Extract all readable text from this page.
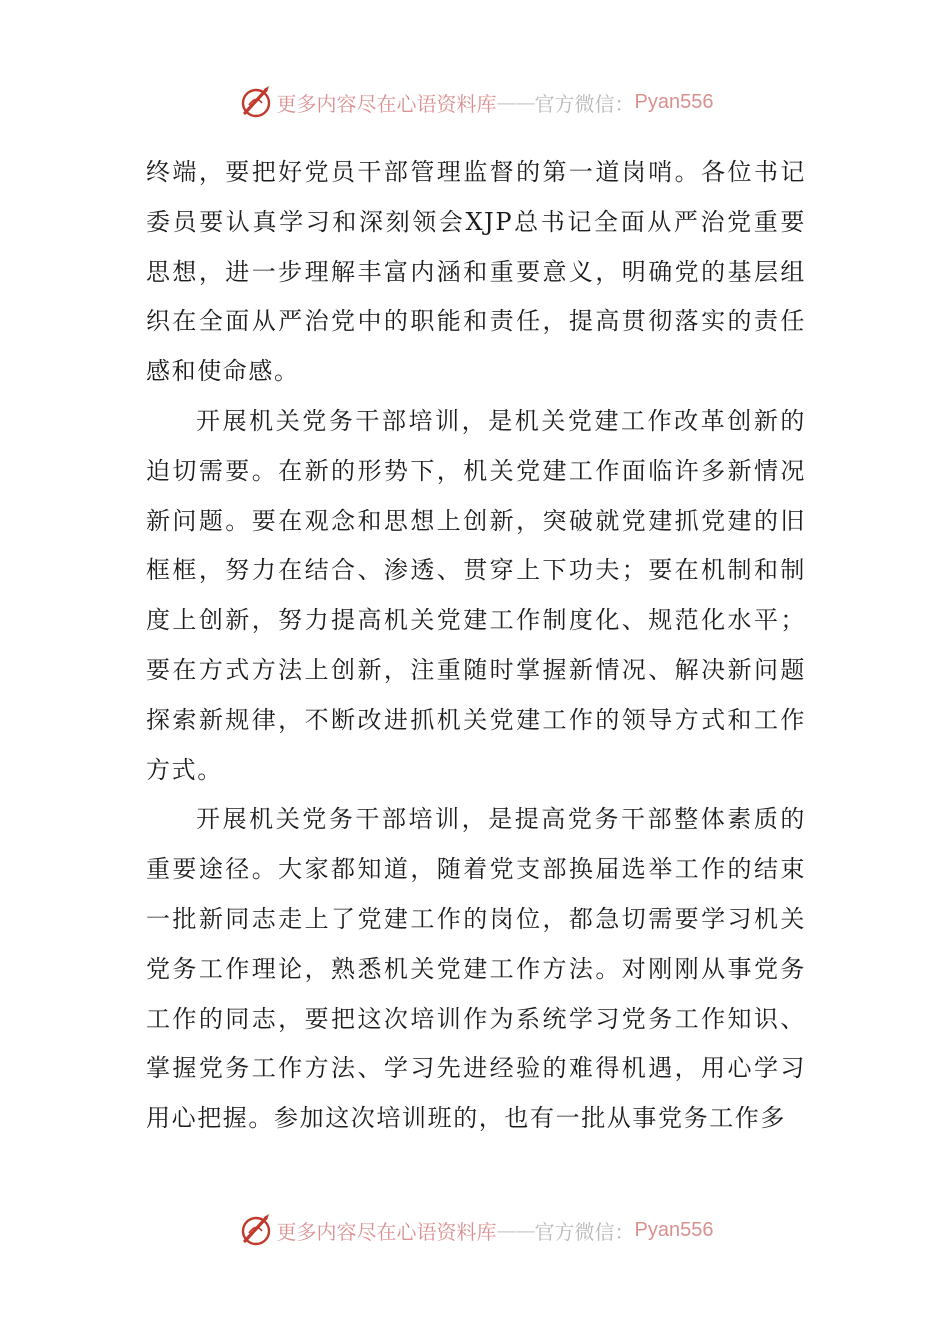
更多内容尽在心语资料库 —— 官方微信： Pyan556

终端，要把好党员干部管理监督的第一道岗哨。各位书记委员要认真学习和深刻领会XJP总书记全面从严治党重要思想，进一步理解丰富内涵和重要意义，明确党的基层组织在全面从严治党中的职能和责任，提高贯彻落实的责任感和使命感。

开展机关党务干部培训，是机关党建工作改革创新的迫切需要。在新的形势下，机关党建工作面临许多新情况新问题。要在观念和思想上创新，突破就党建抓党建的旧框框，努力在结合、渗透、贯穿上下功夫；要在机制和制度上创新，努力提高机关党建工作制度化、规范化水平；要在方式方法上创新，注重随时掌握新情况、解决新问题探索新规律，不断改进抓机关党建工作的领导方式和工作方式。

开展机关党务干部培训，是提高党务干部整体素质的重要途径。大家都知道，随着党支部换届选举工作的结束一批新同志走上了党建工作的岗位，都急切需要学习机关党务工作理论，熟悉机关党建工作方法。对刚刚从事党务工作的同志，要把这次培训作为系统学习党务工作知识、掌握党务工作方法、学习先进经验的难得机遇，用心学习用心把握。参加这次培训班的，也有一批从事党务工作多

更多内容尽在心语资料库 —— 官方微信： Pyan556
